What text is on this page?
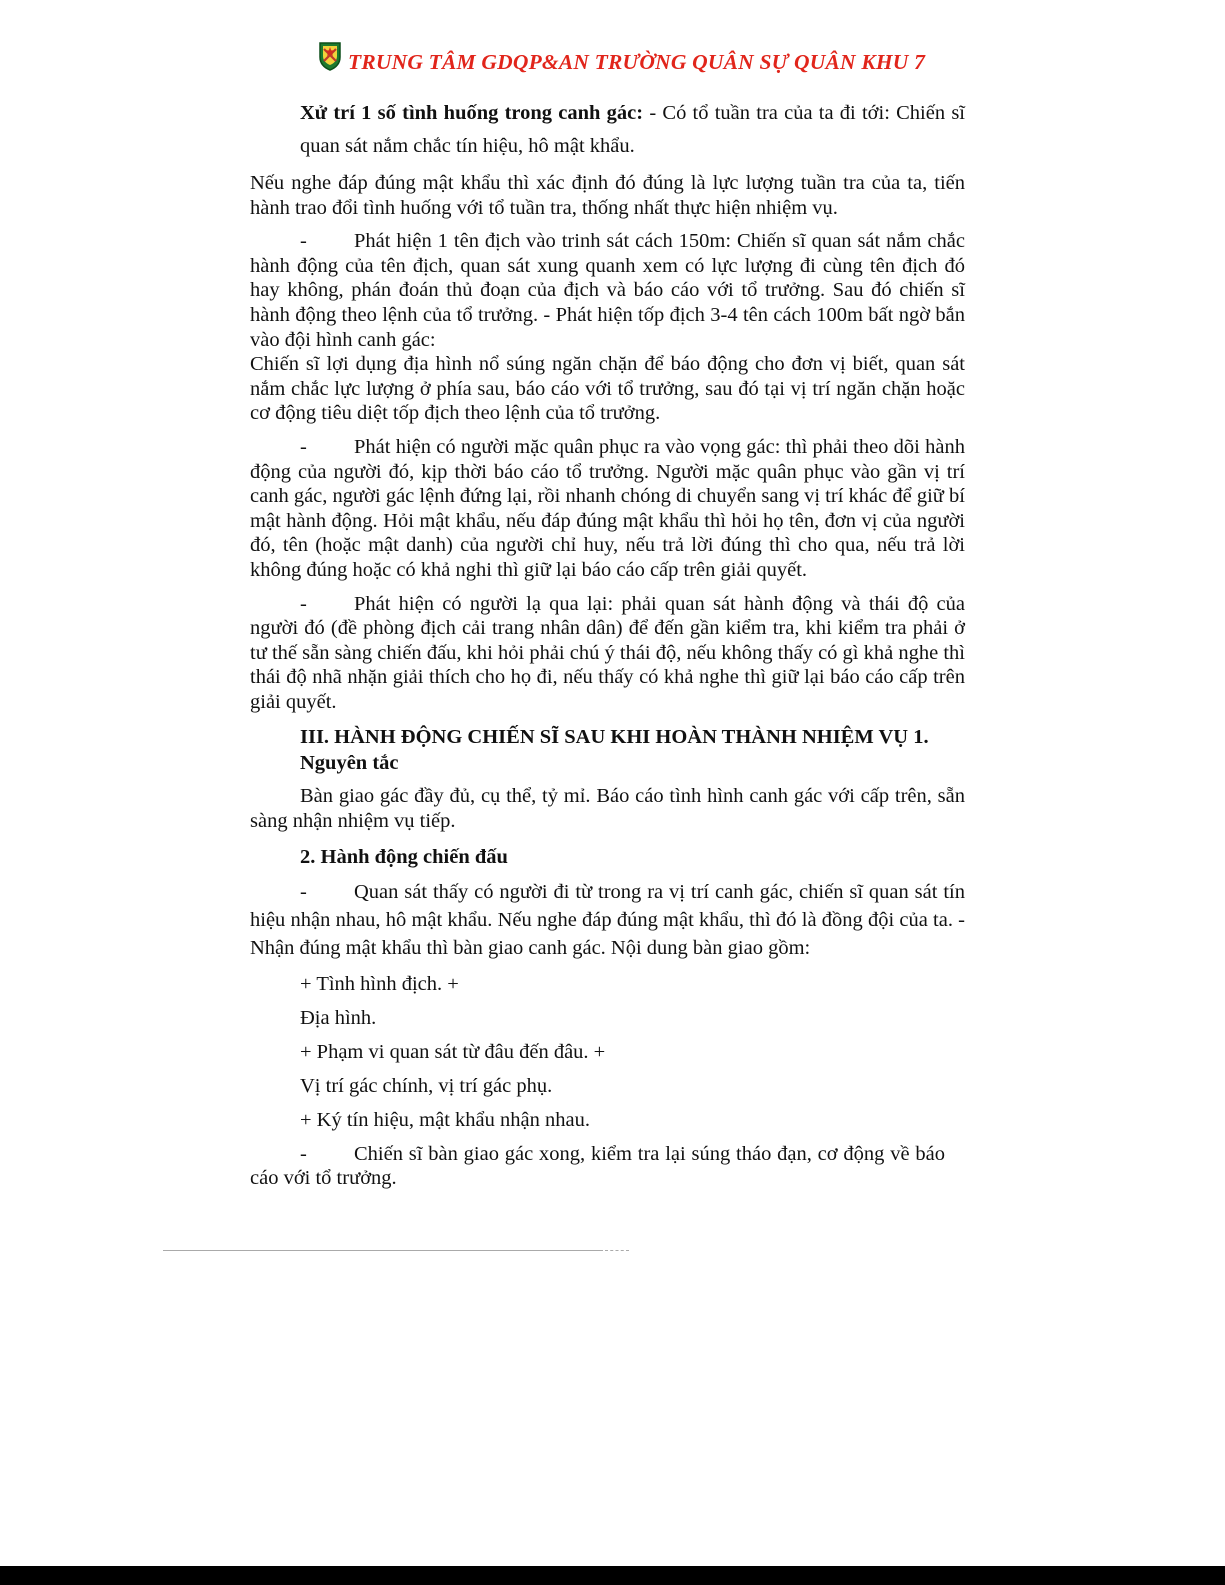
TRUNG TÂM GDQP&AN TRƯỜNG QUÂN SỰ QUÂN KHU 7

Xử trí 1 số tình huống trong canh gác: - Có tổ tuần tra của ta đi tới: Chiến sĩ quan sát nắm chắc tín hiệu, hô mật khẩu.

Nếu nghe đáp đúng mật khẩu thì xác định đó đúng là lực lượng tuần tra của ta, tiến hành trao đổi tình huống với tổ tuần tra, thống nhất thực hiện nhiệm vụ.

- Phát hiện 1 tên địch vào trinh sát cách 150m: Chiến sĩ quan sát nắm chắc hành động của tên địch, quan sát xung quanh xem có lực lượng đi cùng tên địch đó hay không, phán đoán thủ đoạn của địch và báo cáo với tổ trưởng. Sau đó chiến sĩ hành động theo lệnh của tổ trưởng. - Phát hiện tốp địch 3-4 tên cách 100m bất ngờ bắn vào đội hình canh gác:

Chiến sĩ lợi dụng địa hình nổ súng ngăn chặn để báo động cho đơn vị biết, quan sát nắm chắc lực lượng ở phía sau, báo cáo với tổ trưởng, sau đó tại vị trí ngăn chặn hoặc cơ động tiêu diệt tốp địch theo lệnh của tổ trưởng.

- Phát hiện có người mặc quân phục ra vào vọng gác: thì phải theo dõi hành động của người đó, kịp thời báo cáo tổ trưởng. Người mặc quân phục vào gần vị trí canh gác, người gác lệnh đứng lại, rồi nhanh chóng di chuyển sang vị trí khác để giữ bí mật hành động. Hỏi mật khẩu, nếu đáp đúng mật khẩu thì hỏi họ tên, đơn vị của người đó, tên (hoặc mật danh) của người chỉ huy, nếu trả lời đúng thì cho qua, nếu trả lời không đúng hoặc có khả nghi thì giữ lại báo cáo cấp trên giải quyết.

- Phát hiện có người lạ qua lại: phải quan sát hành động và thái độ của người đó (đề phòng địch cải trang nhân dân) để đến gần kiểm tra, khi kiểm tra phải ở tư thế sẵn sàng chiến đấu, khi hỏi phải chú ý thái độ, nếu không thấy có gì khả nghe thì thái độ nhã nhặn giải thích cho họ đi, nếu thấy có khả nghe thì giữ lại báo cáo cấp trên giải quyết.

III. HÀNH ĐỘNG CHIẾN SĨ SAU KHI HOÀN THÀNH NHIỆM VỤ 1.

Nguyên tắc

Bàn giao gác đầy đủ, cụ thể, tỷ mỉ. Báo cáo tình hình canh gác với cấp trên, sẵn sàng nhận nhiệm vụ tiếp.

2. Hành động chiến đấu

- Quan sát thấy có người đi từ trong ra vị trí canh gác, chiến sĩ quan sát tín hiệu nhận nhau, hô mật khẩu. Nếu nghe đáp đúng mật khẩu, thì đó là đồng đội của ta. - Nhận đúng mật khẩu thì bàn giao canh gác. Nội dung bàn giao gồm:

+ Tình hình địch. +

Địa hình.

+ Phạm vi quan sát từ đâu đến đâu. +

Vị trí gác chính, vị trí gác phụ.

+ Ký tín hiệu, mật khẩu nhận nhau.

- Chiến sĩ bàn giao gác xong, kiểm tra lại súng tháo đạn, cơ động về báo cáo với tổ trưởng.
